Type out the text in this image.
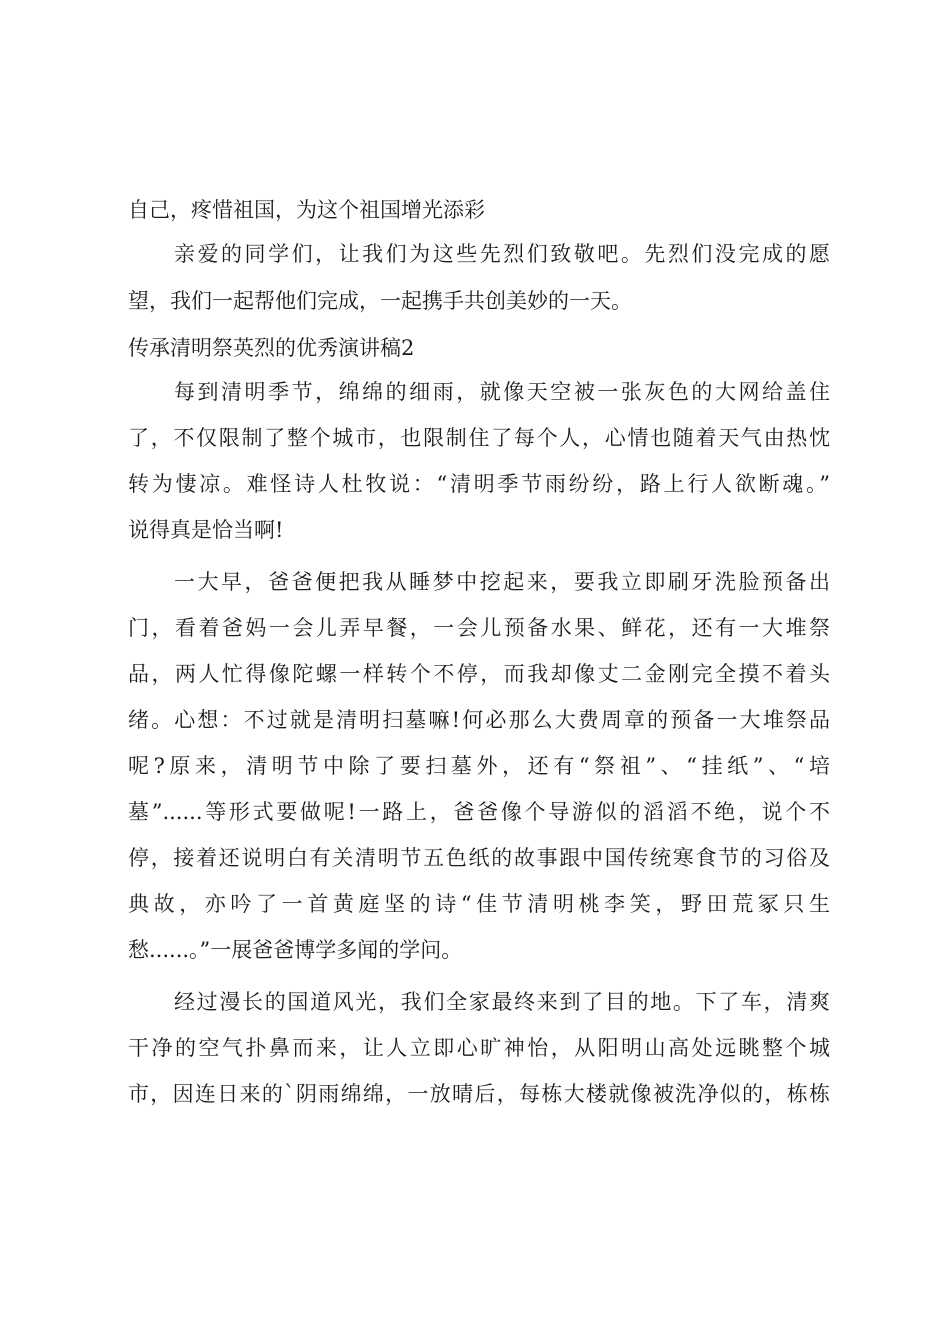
自己，疼惜祖国，为这个祖国增光添彩
亲爱的同学们，让我们为这些先烈们致敬吧。先烈们没完成的愿
望，我们一起帮他们完成，一起携手共创美妙的一天。
传承清明祭英烈的优秀演讲稿2
每到清明季节，绵绵的细雨，就像天空被一张灰色的大网给盖住
了，不仅限制了整个城市，也限制住了每个人，心情也随着天气由热忱
转为悽凉。难怪诗人杜牧说：“清明季节雨纷纷，路上行人欲断魂。”
说得真是恰当啊!
一大早，爸爸便把我从睡梦中挖起来，要我立即刷牙洗脸预备出
门，看着爸妈一会儿弄早餐，一会儿预备水果、鲜花，还有一大堆祭
品，两人忙得像陀螺一样转个不停，而我却像丈二金刚完全摸不着头
绪。心想：不过就是清明扫墓嘛!何必那么大费周章的预备一大堆祭品
呢?原来，清明节中除了要扫墓外，还有“祭祖”、“挂纸”、“培
墓”......等形式要做呢!一路上，爸爸像个导游似的滔滔不绝，说个不
停，接着还说明白有关清明节五色纸的故事跟中国传统寒食节的习俗及
典故，亦吟了一首黄庭坚的诗“佳节清明桃李笑，野田荒冢只生
愁......。”一展爸爸博学多闻的学问。
经过漫长的国道风光，我们全家最终来到了目的地。下了车，清爽
干净的空气扑鼻而来，让人立即心旷神怡，从阳明山高处远眺整个城
市，因连日来的`阴雨绵绵，一放晴后，每栋大楼就像被洗净似的，栋栋
